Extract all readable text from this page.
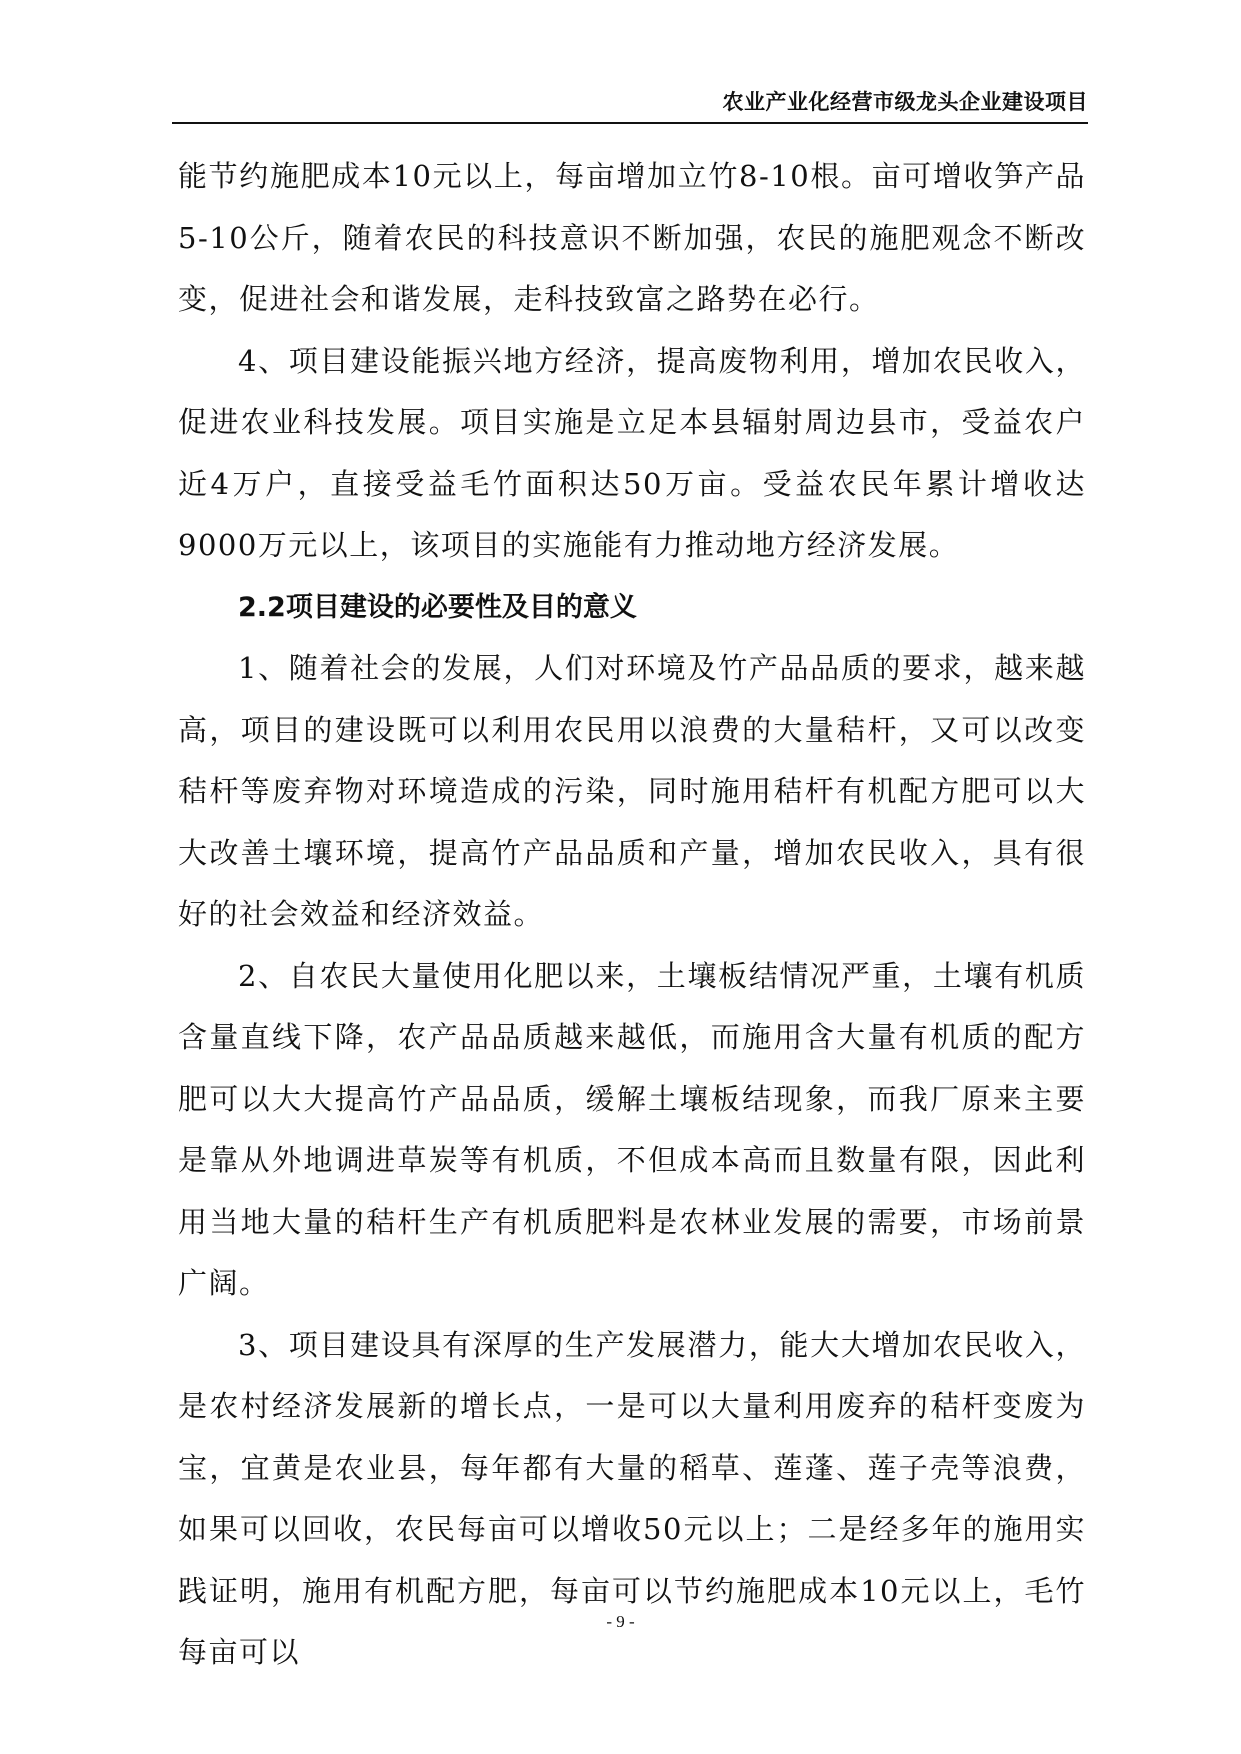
农业产业化经营市级龙头企业建设项目

能节约施肥成本10元以上，每亩增加立竹8-10根。亩可增收笋产品5-10公斤，随着农民的科技意识不断加强，农民的施肥观念不断改变，促进社会和谐发展，走科技致富之路势在必行。

4、项目建设能振兴地方经济，提高废物利用，增加农民收入，促进农业科技发展。项目实施是立足本县辐射周边县市，受益农户近4万户，直接受益毛竹面积达50万亩。受益农民年累计增收达9000万元以上，该项目的实施能有力推动地方经济发展。

2.2项目建设的必要性及目的意义

1、随着社会的发展，人们对环境及竹产品品质的要求，越来越高，项目的建设既可以利用农民用以浪费的大量秸杆，又可以改变秸杆等废弃物对环境造成的污染，同时施用秸杆有机配方肥可以大大改善土壤环境，提高竹产品品质和产量，增加农民收入，具有很好的社会效益和经济效益。

2、自农民大量使用化肥以来，土壤板结情况严重，土壤有机质含量直线下降，农产品品质越来越低，而施用含大量有机质的配方肥可以大大提高竹产品品质，缓解土壤板结现象，而我厂原来主要是靠从外地调进草炭等有机质，不但成本高而且数量有限，因此利用当地大量的秸杆生产有机质肥料是农林业发展的需要，市场前景广阔。

3、项目建设具有深厚的生产发展潜力，能大大增加农民收入，是农村经济发展新的增长点，一是可以大量利用废弃的秸杆变废为宝，宜黄是农业县，每年都有大量的稻草、莲蓬、莲子壳等浪费，如果可以回收，农民每亩可以增收50元以上；二是经多年的施用实践证明，施用有机配方肥，每亩可以节约施肥成本10元以上，毛竹每亩可以

- 9 -
